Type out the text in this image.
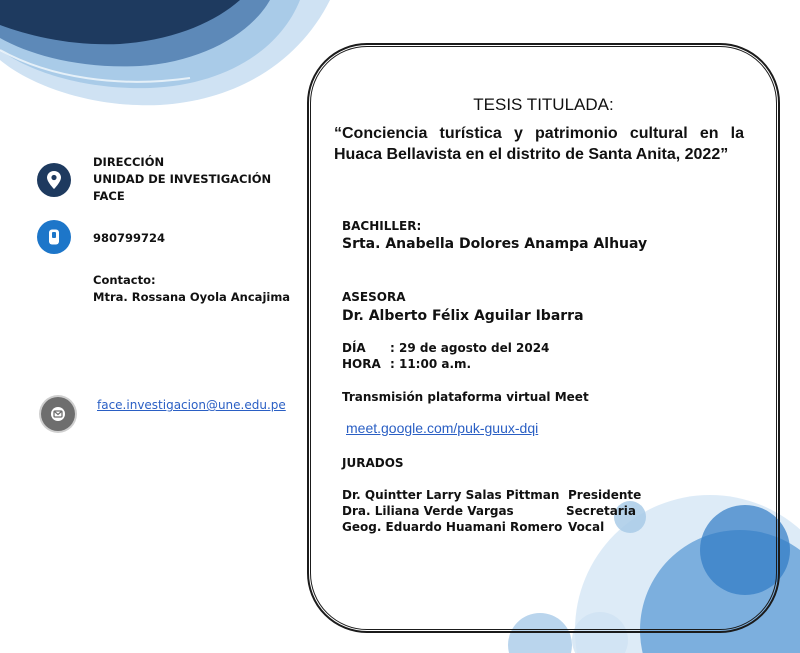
DIRECCIÓN
UNIDAD DE INVESTIGACIÓN
FACE
980799724
Contacto:
Mtra. Rossana Oyola Ancajima
face.investigacion@une.edu.pe
TESIS TITULADA:
“Conciencia turística y patrimonio cultural en la Huaca Bellavista en el distrito de Santa Anita, 2022”
BACHILLER:
Srta. Anabella Dolores Anampa Alhuay
ASESORA
Dr. Alberto Félix Aguilar Ibarra
DÍA : 29 de agosto del 2024
HORA : 11:00 a.m.
Transmisión plataforma virtual Meet
meet.google.com/puk-guux-dqi
JURADOS
Dr. Quintter Larry Salas Pittman Presidente
Dra. Liliana Verde Vargas	Secretaria
Geog. Eduardo Huamani Romero Vocal
